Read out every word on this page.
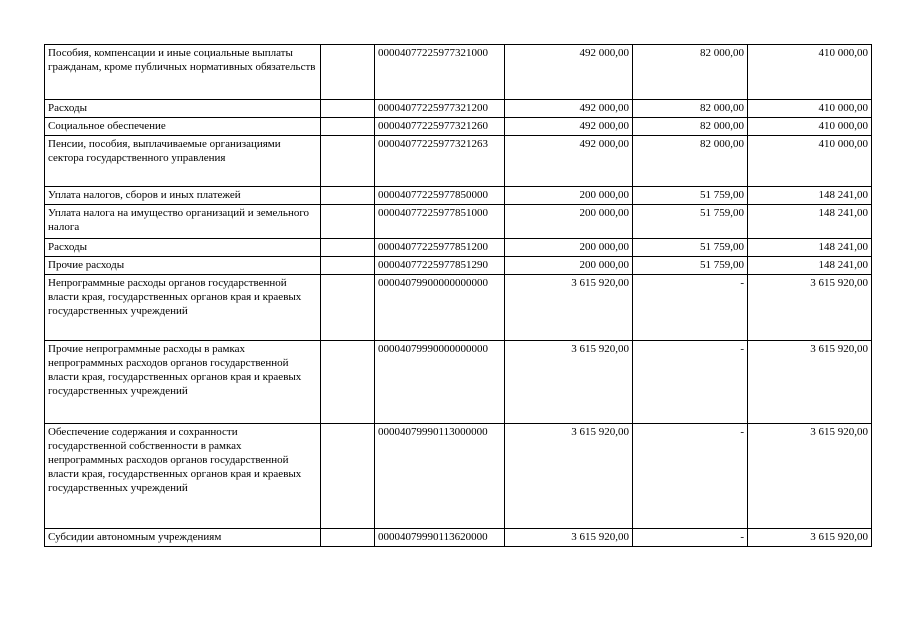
Пособия, компенсации и иные социальные выплаты гражданам, кроме публичных нормативных обязательств		00004077225977321000	492 000,00	82 000,00	410 000,00
Расходы		00004077225977321200	492 000,00	82 000,00	410 000,00
Социальное обеспечение		00004077225977321260	492 000,00	82 000,00	410 000,00
Пенсии, пособия, выплачиваемые организациями сектора государственного управления		00004077225977321263	492 000,00	82 000,00	410 000,00
Уплата налогов, сборов и иных платежей		00004077225977850000	200 000,00	51 759,00	148 241,00
Уплата налога на имущество организаций и земельного налога		00004077225977851000	200 000,00	51 759,00	148 241,00
Расходы		00004077225977851200	200 000,00	51 759,00	148 241,00
Прочие расходы		00004077225977851290	200 000,00	51 759,00	148 241,00
Непрограммные расходы органов государственной власти края, государственных органов края и краевых государственных учреждений		00004079900000000000	3 615 920,00	-	3 615 920,00
Прочие непрограммные расходы в рамках непрограммных расходов органов государственной власти края, государственных органов края и краевых государственных учреждений		00004079990000000000	3 615 920,00	-	3 615 920,00
Обеспечение содержания и сохранности государственной собственности в рамках непрограммных расходов органов государственной власти края, государственных органов края и краевых государственных учреждений		00004079990113000000	3 615 920,00	-	3 615 920,00
Субсидии автономным учреждениям		00004079990113620000	3 615 920,00	-	3 615 920,00
